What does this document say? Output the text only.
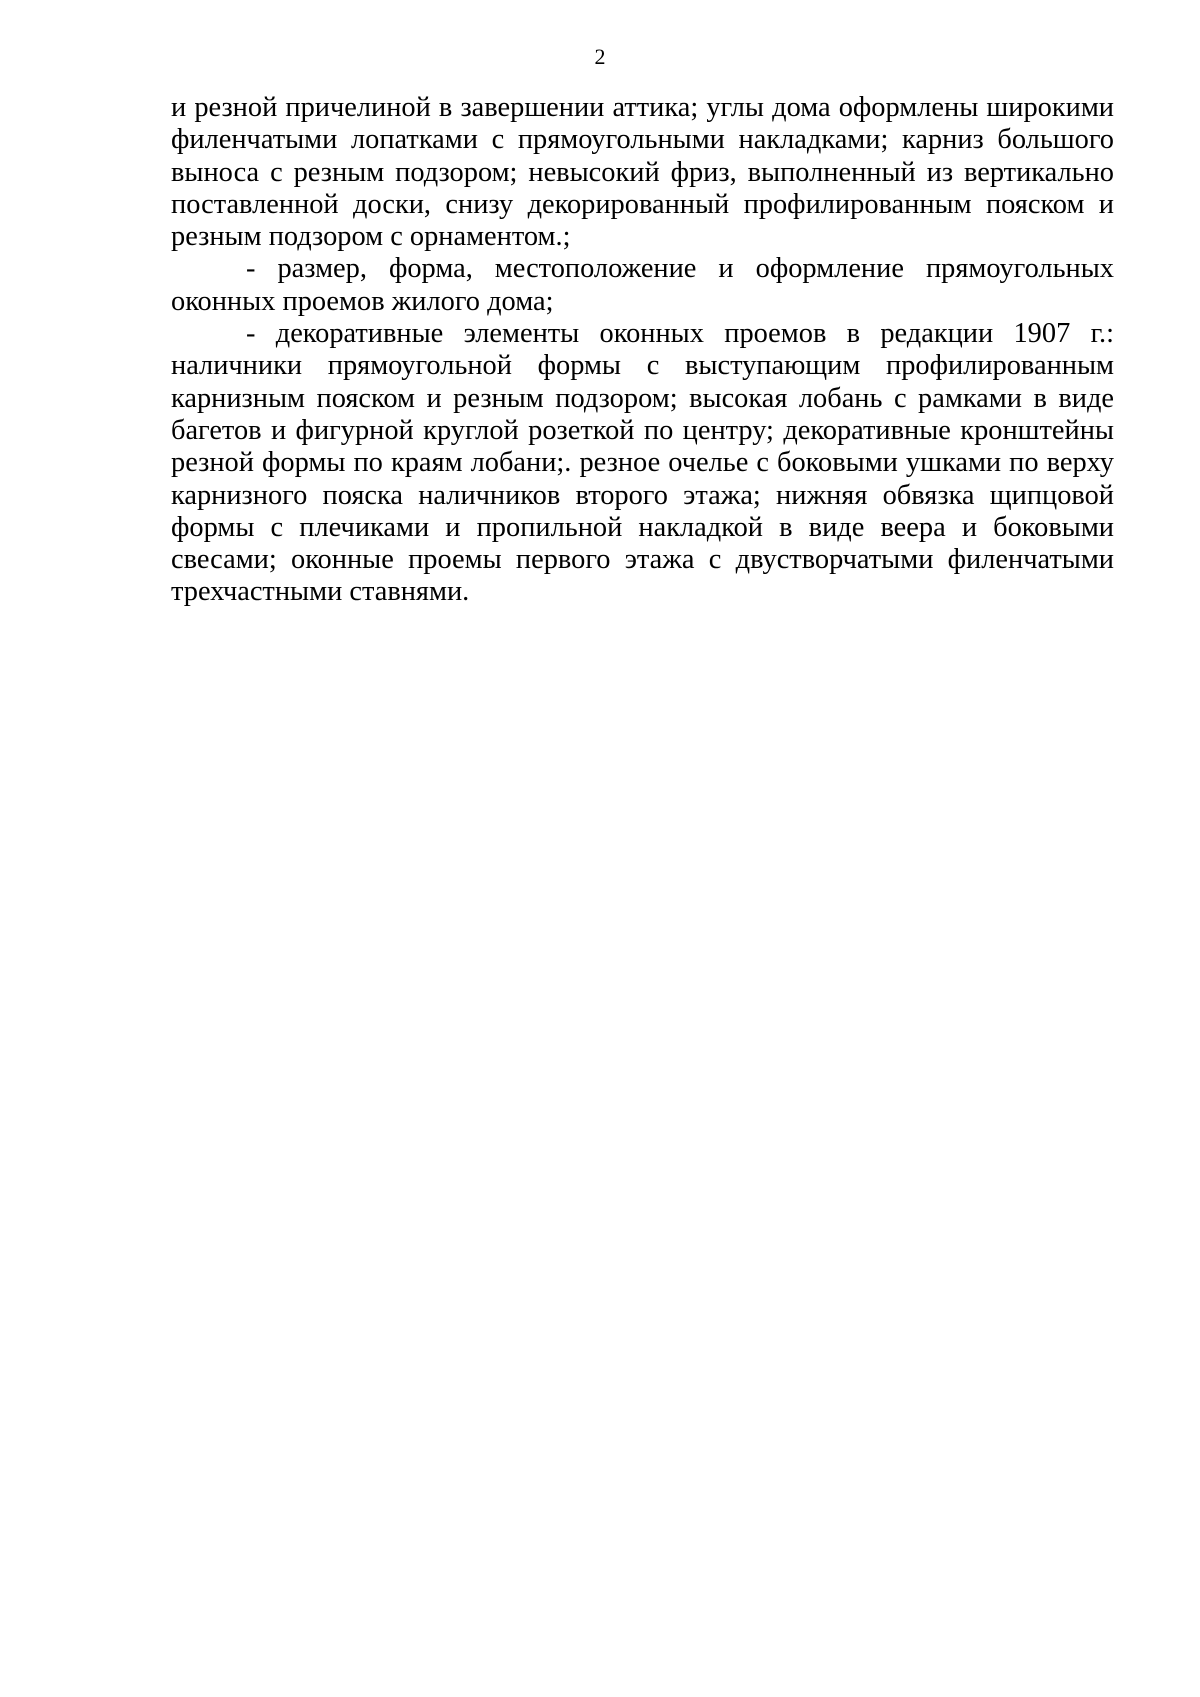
2

и резной причелиной в завершении аттика; углы дома оформлены широкими филенчатыми лопатками с прямоугольными накладками; карниз большого выноса с резным подзором; невысокий фриз, выполненный из вертикально поставленной доски, снизу декорированный профилированным пояском и резным подзором с орнаментом.;

- размер, форма, местоположение и оформление прямоугольных оконных проемов жилого дома;

- декоративные элементы оконных проемов в редакции 1907 г.: наличники прямоугольной формы с выступающим профилированным карнизным пояском и резным подзором; высокая лобань с рамками в виде багетов и фигурной круглой розеткой по центру; декоративные кронштейны резной формы по краям лобани;. резное очелье с боковыми ушками по верху карнизного пояска наличников второго этажа; нижняя обвязка щипцовой формы с плечиками и пропильной накладкой в виде веера и боковыми свесами; оконные проемы первого этажа с двустворчатыми филенчатыми трехчастными ставнями.
